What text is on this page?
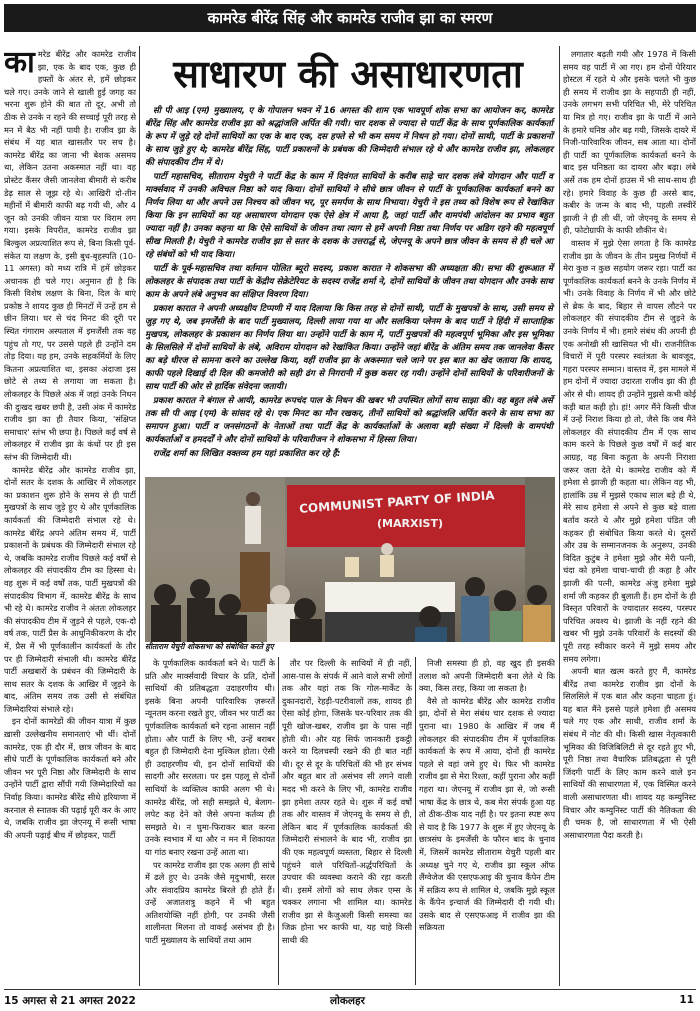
कामरेड बीरेंद्र सिंह और कामरेड राजीव झा का स्मरण

कामरेड बीरेंद्र और कामरेड राजीव झा, एक के बाद एक, कुछ ही हफ्तों के अंतर से, हमें छोड़कर चले गए। उनके जाने से खाली हुई जगह का भरना शुरू होने की बात तो दूर, अभी तो ठीक से उनके न रहने की सच्चाई पूरी तरह से मन में बैठ भी नहीं पायी है। राजीव झा के संबंध में यह बात खासतौर पर सच है। कामरेड बीरेंद्र का जाना भी बेशक असमय था, लेकिन उतना अकस्मात नहीं था। वह प्रोस्टेट कैंसर जैसी जानलेवा बीमारी से करीब डेढ़ साल से जूझ रहे थे। आखिरी दो-तीन महीनों में बीमारी काफी बढ़ गयी थी, और 4 जून को उनकी जीवन यात्रा पर विराम लग गया। इसके विपरीत, कामरेड राजीव झा बिल्कुल अप्रत्याशित रूप से, बिना किसी पूर्व-संकेत या लक्षण के, इसी बुध-बृहस्पति (10-11 अगस्त) को मध्य रात्रि में हमें छोड़कर अचानक ही चले गए। अनुमान ही है कि किसी विशेष लक्षण के बिना, दिल के बाएं प्रकोष्ठ ने शायद कुछ ही मिनटों में उन्हें हम से छीन लिया। घर से चंद मिनट की दूरी पर स्थित गंगाराम अस्पताल में इमर्जेंसी तक वह पहुंच तो गए, पर उससे पहले ही उन्होंने दम तोड़ दिया। यह हम, उनके सहकर्मियों के लिए कितना अप्रत्याशित था, इसका अंदाजा इस छोटे से तथ्य से लगाया जा सकता है। लोकलहर के पिछले अंक में जहां उनके निधन की दुःखद खबर छपी है, उसी अंक में कामरेड राजीव झा का ही तैयार किया, 'संक्षिप्त समाचार' स्तंभ भी छपा है। पिछले कई वर्ष से लोकलहर में राजीव झा के कंधों पर ही इस स्तंभ की जिम्मेदारी थी।

कामरेड बीरेंद्र और कामरेड राजीव झा, दोनों सतर के दशक के आखिर में लोकलहर का प्रकाशन शुरू होने के समय से ही पार्टी मुखपत्रों के साथ जुड़े हुए थे और पूर्णकालिक कार्यकर्ता की जिम्मेदारी संभाल रहे थे। कामरेड बीरेंद्र अपने अंतिम समय में, पार्टी प्रकाशनों के प्रबंधक की जिम्मेदारी संभाल रहे थे, जबकि कामरेड राजीव पिछले कई वर्षों से लोकलहर की संपादकीय टीम का हिस्सा थे। वह शुरू में कई वर्षों तक, पार्टी मुखपत्रों की संपादकीय विभाग में, कामरेड बीरेंद्र के साथ भी रहे थे। कामरेड राजीव ने अंततः लोकलहर की संपादकीय टीम में जुड़ने से पहले, एक-दो वर्ष तक, पार्टी प्रैस के आधुनिकीकरण के दौर में, प्रैस में भी पूर्णकालीन कार्यकर्ता के तौर पर ही जिम्मेदारी संभाली थी। कामरेड बीरेंद्र पार्टी अखबारों के प्रबंधन की जिम्मेदारी के साथ सतर के दशक के आखिर में जुड़ने के बाद, अंतिम समय तक उसी से संबंधित जिम्मेदारियां संभाले रहे।

इन दोनों कामरेडों की जीवन यात्रा में कुछ ख़ासी उल्लेखनीय समानताएं भी थीं। दोनों कामरेड, एक ही दौर में, छात्र जीवन के बाद सीधे पार्टी के पूर्णकालिक कार्यकर्ता बने और जीवन भर पूरी निष्ठा और जिम्मेदारी के साथ उन्होंने पार्टी द्वारा सौंपी गयी जिम्मेदारियों का निर्वाह किया। कामरेड बीरेंद्र सीधे हरियाणा में करनाल से स्नातक की पढ़ाई पूरी कर के आए थे, जबकि राजीव झा जेएनयू में रूसी भाषा की अपनी पढ़ाई बीच में छोड़कर, पार्टी

साधारण की असाधारणता

सी पी आइ (एम) मुख्यालय, ए के गोपालन भवन में 16 अगस्त की शाम एक भावपूर्ण शोक सभा का आयोजन कर, कामरेड बीरेंद्र सिंह और कामरेड राजीव झा को श्रद्धांजलि अर्पित की गयी। चार दशक से ज्यादा से पार्टी केंद्र के साथ पूर्णकालिक कार्यकर्ता के रूप में जुड़े रहे दोनों साथियों का एक के बाद एक, दस हफ्ते से भी कम समय में निधन हो गया। दोनों साथी, पार्टी के प्रकाशनों के साथ जुड़े हुए थे; कामरेड बीरेंद्र सिंह, पार्टी प्रकाशनों के प्रबंधक की जिम्मेदारी संभाल रहे थे और कामरेड राजीव झा, लोकलहर की संपादकीय टीम में थे।

पार्टी महासचिव, सीताराम येचुरी ने पार्टी केंद्र के काम में दिवंगत साथियों के करीब साढ़े चार दशक लंबे योगदान और पार्टी व मार्क्सवाद में उनकी अविचल निष्ठा को याद किया। दोनों साथियों ने सीधे छात्र जीवन से पार्टी के पूर्णकालिक कार्यकर्ता बनने का निर्णय लिया था और अपने उस निश्चय को जीवन भर, पूर समर्पण के साथ निभाया। येचुरी ने इस तथ्य को विशेष रूप से रेखांकित किया कि इन साथियों का यह असाधारण योगदान एक ऐसे क्षेत्र में आया है, जहां पार्टी और वामपंथी आंदोलन का प्रभाव बहुत ज्यादा नहीं है। उनका कहना था कि ऐसे साथियों के जीवन तथा त्याग से हमें अपनी निष्ठा तथा निर्णय पर अडिग रहने की महत्वपूर्ण सीख मिलती है। येचुरी ने कामरेड राजीव झा से सतर के दशक के उत्तरार्द्ध से, जेएनयू के अपने छात्र जीवन के समय से ही चले आ रहे संबंधों को भी याद किया।

पार्टी के पूर्व-महासचिव तथा वर्तमान पोलित ब्यूरो सदस्य, प्रकाश कारात ने शोकसभा की अध्यक्षता की। सभा की शुरूआत में लोकलहर के संपादक तथा पार्टी के केंद्रीय सेक्रेटेरियट के सदस्य राजेंद्र शर्मा ने, दोनों साथियों के जीवन तथा योगदान और उनके साथ काम के अपने लंबे अनुभव का संक्षिप्त विवरण दिया।

प्रकाश कारात ने अपनी अध्यक्षीय टिप्पणी में याद दिलाया कि किस तरह से दोनों साथी, पार्टी के मुखपत्रों के साथ, उसी समय से जुड़ गए थे, जब इमर्जेंसी के बाद पार्टी मुख्यालय, दिल्ली लाया गया था और सलकिया प्लेनम के बाद पार्टी ने हिंदी में साप्ताहिक मुखपत्र, लोकलहर के प्रकाशन का निर्णय लिया था। उन्होंने पार्टी के काम में, पार्टी मुखपत्रों की महत्वपूर्ण भूमिका और इस भूमिका के सिलसिले में दोनों साथियों के लंबे, अविराम योगदान को रेखांकित किया। उन्होंने जहां बीरेंद्र के अंतिम समय तक जानलेवा कैंसर का बड़े धीरज से सामना करने का उल्लेख किया, वहीं राजीव झा के अकस्मात चले जाने पर इस बात का खेद जताया कि शायद, काफी पहले दिखाई दी दिल की कमजोरी को सही ढंग से निगरानी में कुछ कसर रह गयी। उन्होंने दोनों साथियों के परिवारीजनों के साथ पार्टी की ओर से हार्दिक संवेदना जतायी।

प्रकाश कारात ने बंगाल से आयी, कामरेड रूपचंद पाल के निधन की खबर भी उपस्थित लोगों साथ साझा की। वह बहुत लंबे अर्से तक सी पी आइ (एम) के सांसद रहे थे। एक मिनट का मौन रखकर, तीनों साथियों को श्रद्धांजलि अर्पित करने के साथ सभा का समापन हुआ। पार्टी व जनसंगठनों के नेताओं तथा पार्टी केंद्र के कार्यकर्ताओं के अलावा बड़ी संख्या में दिल्ली के वामपंथी कार्यकर्ताओं व हमदर्दों ने और दोनों साथियों के परिवारीजन ने शोकसभा में हिस्सा लिया।

राजेंद्र शर्मा का लिखित वक्तव्य हम यहां प्रकाशित कर रहे हैं:

COMMUNIST PARTY OF INDIA
(MARXIST)
सीताराम येचुरी शोकसभा को संबोधित करते हुए

के पूर्णकालिक कार्यकर्ता बने थे। पार्टी के प्रति और मार्क्सवादी विचार के प्रति, दोनों साथियों की प्रतिबद्धता उदाहरणीय थी। इसके बिना अपनी पारिवारिक ज़रूरतें न्यूनतम करना रखते हुए, जीवन भर पार्टी का पूर्णकालिक कार्यकर्ता बने रहना आसान नहीं होता। और पार्टी के लिए भी, उन्हें बराबर बहुत ही जिम्मेदारी देना मुश्किल होता। ऐसी ही उदाहरणीय थी, इन दोनों साथियों की सादगी और सरलता। पर इस पहलू से दोनों साथियों के व्यक्तित्व काफी अलग भी थे। कामरेड बीरेंद्र, जो सही समझते थे, बेलाग-लपेट कह देने को जैसे अपना कर्तव्य ही समझते थे। न घुमा-फिराकर बात करना उनके स्वभाव में था और न मन में शिकायत या गांठ बनाए रखना उन्हें आता था।

पर कामरेड राजीव झा एक अलग ही सांचे में ढले हुए थे। उनके जैसे मृदुभाषी, सरल और संवादप्रिय कामरेड बिरले ही होते हैं। उन्हें अजातशत्रु कहने में भी बहुत अतिशयोक्ति नहीं होगी, पर उनकी जैसी शालीनता मिलना तो वाकई असंभव ही है। पार्टी मुख्यालय के साथियों तथा आम

तौर पर दिल्ली के साथियों में ही नहीं, आस-पास के संपर्क में आने वाले सभी लोगों तक और यहां तक कि गोल-मार्केट के दुकानदारों, रेहड़ी-पटरीवालों तक, शायद ही ऐसा कोई होगा, जिसके घर-परिवार तक की पूरी खोज-खबर, राजीव झा के पास नहीं होती थी। और यह सिर्फ जानकारी इकट्ठी करने या दिलचस्पी रखने की ही बात नहीं थी। दूर से दूर के परिचितों की भी हर संभव और बहुत बार तो असंभव सी लगने वाली मदद भी करने के लिए भी, कामरेड राजीव झा हमेशा तत्पर रहते थे। शुरू में कई वर्षों तक और वास्तव में जेएनयू के समय से ही, लेकिन बाद में पूर्णकालिक कार्यकर्ता की जिम्मेदारी संभालने के बाद भी, राजीव झा की एक महत्वपूर्ण व्यस्तता, बिहार से दिल्ली पहुंचने वाले परिचितों-अर्द्धपरिचितों के उपचार की व्यवस्था कराने की रहा करती थी। इसमें लोगों को साथ लेकर एम्स के चक्कर लगाना भी शामिल था। कामरेड राजीव झा से कैजुअली किसी समस्या का जिक्र होना भर काफी था, यह चाहे किसी साथी की

निजी समस्या ही हो, वह खुद ही इसकी तलाश को अपनी जिम्मेदारी बना लेते थे कि क्या, किस तरह, किया जा सकता है।

वैसे तो कामरेड बीरेंद्र और कामरेड राजीव झा, दोनों से मेरा संबंध चार दशक से ज्यादा पुराना था। 1980 के आखिर में जब मैं लोकलहर की संपादकीय टीम में पूर्णकालिक कार्यकर्ता के रूप में आया, दोनों ही कामरेड पहले से वहां जमे हुए थे। फिर भी कामरेड राजीव झा से मेरा रिश्ता, कहीं पुराना और कहीं गहरा था। जेएनयू में राजीव झा से, जो रूसी भाषा केंद्र के छात्र थे, कब मेरा संपर्क हुआ यह तो ठीक-ठीक याद नहीं है। पर इतना स्पष्ट रूप से याद है कि 1977 के शुरू में हुए जेएनयू के छात्रसंघ के इमर्जेंसी के फौरन बाद के चुनाव में, जिसमें कामरेड सीताराम येचुरी पहली बार अध्यक्ष चुने गए थे, राजीव झा स्कूल ऑफ लैंग्वेजेज की एसएफआइ की चुनाव कैंपेन टीम में सक्रिय रूप से शामिल थे, जबकि मुझे स्कूल के कैंपेन इन्चार्ज की जिम्मेदारी दी गयी थी। उसके बाद से एसएफआइ में राजीव झा की सक्रियता

लगातार बढ़ती गयी और 1978 में किसी समय वह पार्टी में आ गए। हम दोनों पेरियार होस्टल में रहते थे और इसके चलते भी कुछ ही समय में राजीव झा के सहपाठी ही नहीं, उनके लगभग सभी परिचित भी, मेरे परिचित या मित्र हो गए। राजीव झा के पार्टी में आने के हमारे घनिष्ठ और बढ़ गयी, जिसके दायरे में निजी-पारिवारिक जीवन, सब आता था। दोनों ही पार्टी का पूर्णकालिक कार्यकर्ता बनने के बाद इस घनिष्ठता का दायरा और बढ़ा। लंबे अर्से तक हम दोनों हाउस में भी साथ-साथ ही रहे। हमारे विवाह के कुछ ही अरसे बाद, कबीर के जन्म के बाद भी, पहली तस्वीरें झाजी ने ही ली थीं, जो जेएनयू के समय से ही, फोटोग्राफी के काफी शौकीन थे।

वास्तव में मुझे ऐसा लगता है कि कामरेड राजीव झा के जीवन के तीन प्रमुख निर्णयों में मेरा कुछ न कुछ सहयोग जरूर रहा। पार्टी का पूर्णकालिक कार्यकर्ता बनने के उनके निर्णय में भी। उनके विवाह के निर्णय में भी और छोटे से ब्रेक के बाद, बिहार से वापस लौटने पर लोकलहर की संपादकीय टीम से जुड़ने के उनके निर्णय में भी। हमारे संबंध की अपनी ही एक अनोखी सी खासियत भी थी। राजनीतिक विचारों में पूरी परस्पर स्वतंत्रता के बावजूद, गहरा परस्पर सम्मान। वास्तव में, इस मामले में हम दोनों में ज्यादा उदारता राजीव झा की ही ओर से थी। शायद ही उन्होंने मुझसे कभी कोई कड़ी बात कही हो। हां! अगर मैंने किसी चीज में उन्हें निराश किया हो तो, जैसे कि जब मैंने लोकलहर की संपादकीय टीम में एक साथ काम करने के पिछले कुछ वर्षों में कई बार आग्रह, वह बिना कहुता के अपनी निराशा जरूर जता देते थे। कामरेड राजीव को मैं हमेशा से झाजी ही कहता था। लेकिन वह भी, हालांकि उम्र में मुझसे एकाध साल बड़े ही थे, मेरे साथ हमेशा से अपने से कुछ बड़े वाला बर्ताव करते थे और मुझे हमेशा पंडित जी कहकर ही संबोधित किया करते थे। दूसरों और उम्र के सम्मानजनक के अनुरूप, उनकी विदित कुटुंब ने हमेशा मुझे और मेरी पत्नी, चंदा को हमेशा चाचा-चाची ही कहा है और झाजी की पत्नी, कामरेड अंजु हमेशा मुझे शर्मा जी कहकर ही बुलाती हैं। हम दोनों के ही विस्तृत परिवारों के ज्यादातर सदस्य, परस्पर परिचित अवश्य थे। झाजी के नहीं रहने की खबर भी मुझे उनके परिवारों के सदस्यों की पूरी तरह स्वीकार करने में मुझे समय और समय लगेगा।

अपनी बात खत्म करते हुए मैं, कामरेड बीरेंद्र तथा कामरेड राजीव झा दोनों के सिलसिले में एक बात और कहना चाहता हूं। यह बात मैंने इससे पहले हमेशा ही असमय चले गए एक और साथी, राजीव शर्मा के संबंध में नोट की थी। किसी खास नेतृत्वकारी भूमिका की विजिबिलिटी से दूर रहते हुए भी, पूरी निष्ठा तथा वैचारिक प्रतिबद्धता से पूरी जिंदगी पार्टी के लिए काम करने वाले इन साथियों की साधारणता में, एक विस्मित करने वाली असाधारणता थी। शायद यह कम्युनिस्ट विचार और कम्युनिस्ट पार्टी की नैतिकता की ही चमक है, जो साधारणता में भी ऐसी असाधारणता पैदा करती है।

15 अगस्त से 21 अगस्त 2022	लोकलहर	11
